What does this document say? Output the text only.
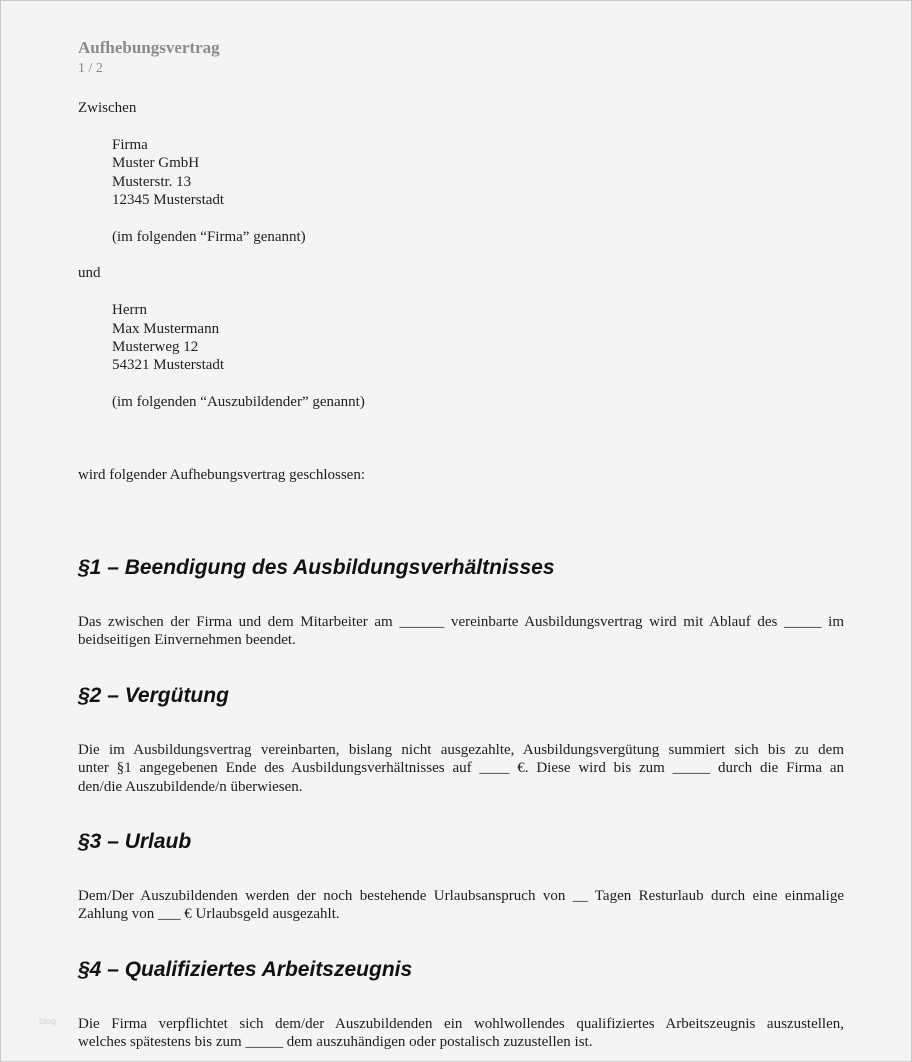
Aufhebungsvertrag
1 / 2
Zwischen
Firma
Muster GmbH
Musterstr. 13
12345 Musterstadt
(im folgenden “Firma” genannt)
und
Herrn
Max Mustermann
Musterweg 12
54321 Musterstadt
(im folgenden “Auszubildender” genannt)
wird folgender Aufhebungsvertrag geschlossen:
§1 – Beendigung des Ausbildungsverhältnisses
Das zwischen der Firma und dem Mitarbeiter am ______ vereinbarte Ausbildungsvertrag wird mit Ablauf des _____ im
beidseitigen Einvernehmen beendet.
§2 – Vergütung
Die im Ausbildungsvertrag vereinbarten, bislang nicht ausgezahlte, Ausbildungsvergütung summiert sich bis zu dem
unter §1 angegebenen Ende des Ausbildungsverhältnisses auf ____ €. Diese wird bis zum _____ durch die Firma an
den/die Auszubildende/n überwiesen.
§3 – Urlaub
Dem/Der Auszubildenden werden der noch bestehende Urlaubsanspruch von __ Tagen Resturlaub durch eine einmalige
Zahlung von ___ € Urlaubsgeld ausgezahlt.
§4 – Qualifiziertes Arbeitszeugnis
Die Firma verpflichtet sich dem/der Auszubildenden ein wohlwollendes qualifiziertes Arbeitszeugnis auszustellen,
welches spätestens bis zum _____ dem auszuhändigen oder postalisch zuzustellen ist.
blog
